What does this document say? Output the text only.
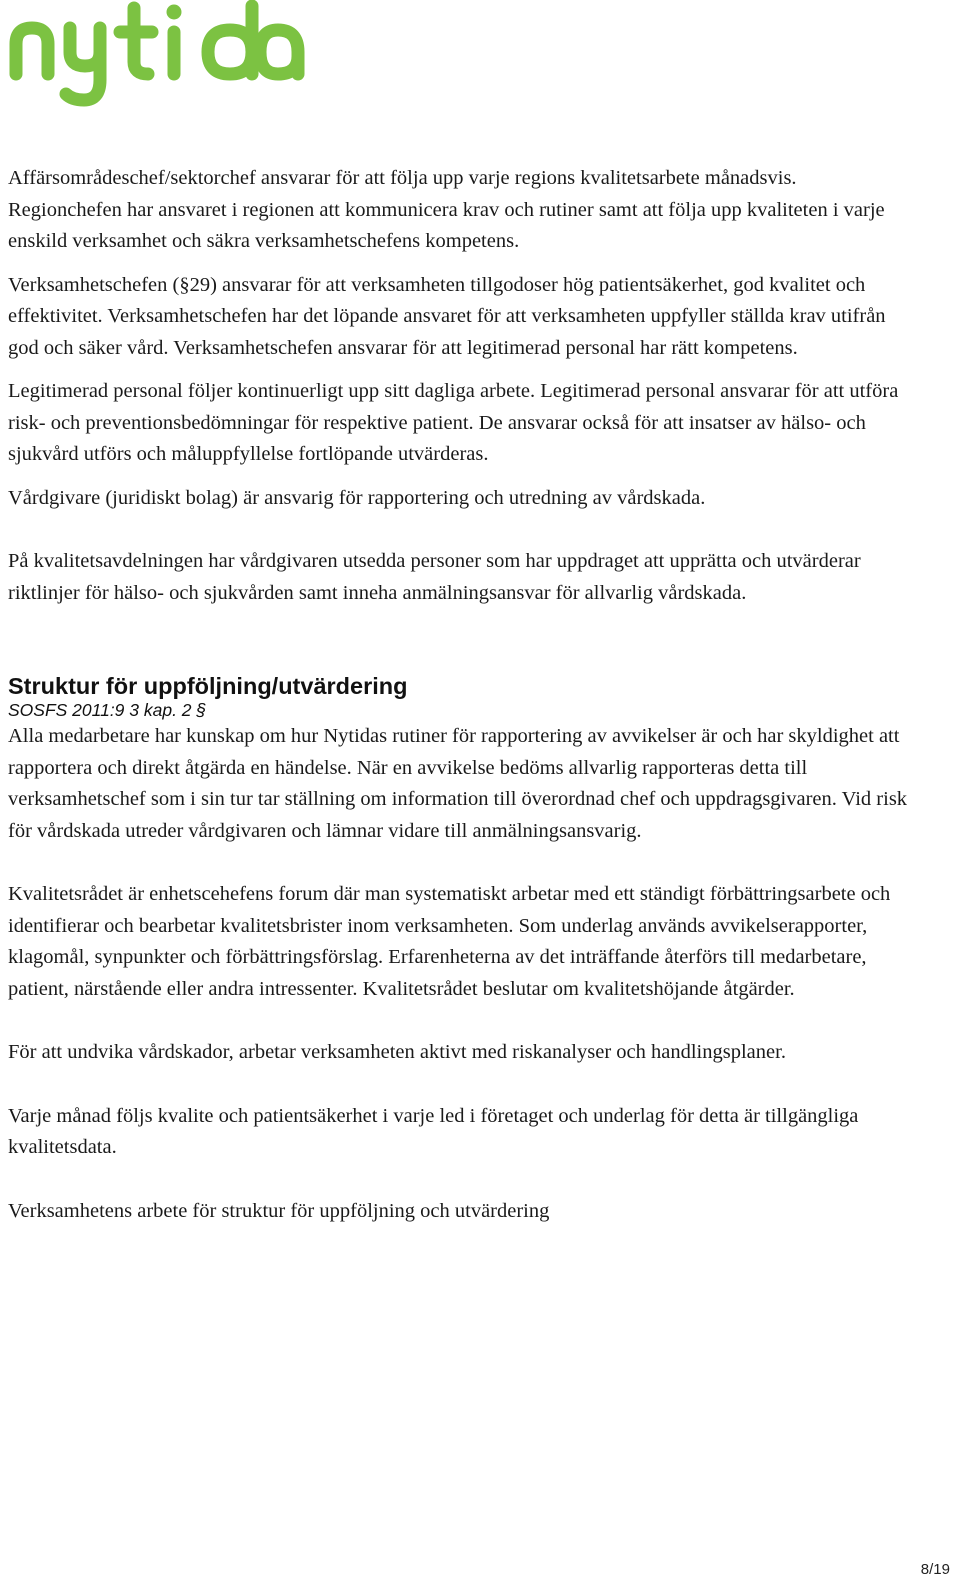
Affärsområdeschef/sektorchef ansvarar för att följa upp varje regions kvalitetsarbete månadsvis.

Regionchefen har ansvaret i regionen att kommunicera krav och rutiner samt att följa upp kvaliteten i varje enskild verksamhet och säkra verksamhetschefens kompetens.

Verksamhetschefen (§29) ansvarar för att verksamheten tillgodoser hög patientsäkerhet, god kvalitet och effektivitet. Verksamhetschefen har det löpande ansvaret för att verksamheten uppfyller ställda krav utifrån god och säker vård. Verksamhetschefen ansvarar för att legitimerad personal har rätt kompetens.

Legitimerad personal följer kontinuerligt upp sitt dagliga arbete. Legitimerad personal ansvarar för att utföra risk- och preventionsbedömningar för respektive patient. De ansvarar också för att insatser av hälso- och sjukvård utförs och måluppfyllelse fortlöpande utvärderas.

Vårdgivare (juridiskt bolag) är ansvarig för rapportering och utredning av vårdskada.

På kvalitetsavdelningen har vårdgivaren utsedda personer som har uppdraget att upprätta och utvärderar riktlinjer för hälso- och sjukvården samt inneha anmälningsansvar för allvarlig vårdskada.

Struktur för uppföljning/utvärdering

SOSFS 2011:9 3 kap. 2 §

Alla medarbetare har kunskap om hur Nytidas rutiner för rapportering av avvikelser är och har skyldighet att rapportera och direkt åtgärda en händelse. När en avvikelse bedöms allvarlig rapporteras detta till verksamhetschef som i sin tur tar ställning om information till överordnad chef och uppdragsgivaren. Vid risk för vårdskada utreder vårdgivaren och lämnar vidare till anmälningsansvarig.

Kvalitetsrådet är enhetscehefens forum där man systematiskt arbetar med ett ständigt förbättringsarbete och identifierar och bearbetar kvalitetsbrister inom verksamheten. Som underlag används avvikelserapporter, klagomål, synpunkter och förbättringsförslag. Erfarenheterna av det inträffande återförs till medarbetare, patient, närstående eller andra intressenter. Kvalitetsrådet beslutar om kvalitetshöjande åtgärder.

För att undvika vårdskador, arbetar verksamheten aktivt med riskanalyser och handlingsplaner.

Varje månad följs kvalite och patientsäkerhet i varje led i företaget och underlag för detta är tillgängliga kvalitetsdata.

Verksamhetens arbete för struktur för uppföljning och utvärdering

8/19
